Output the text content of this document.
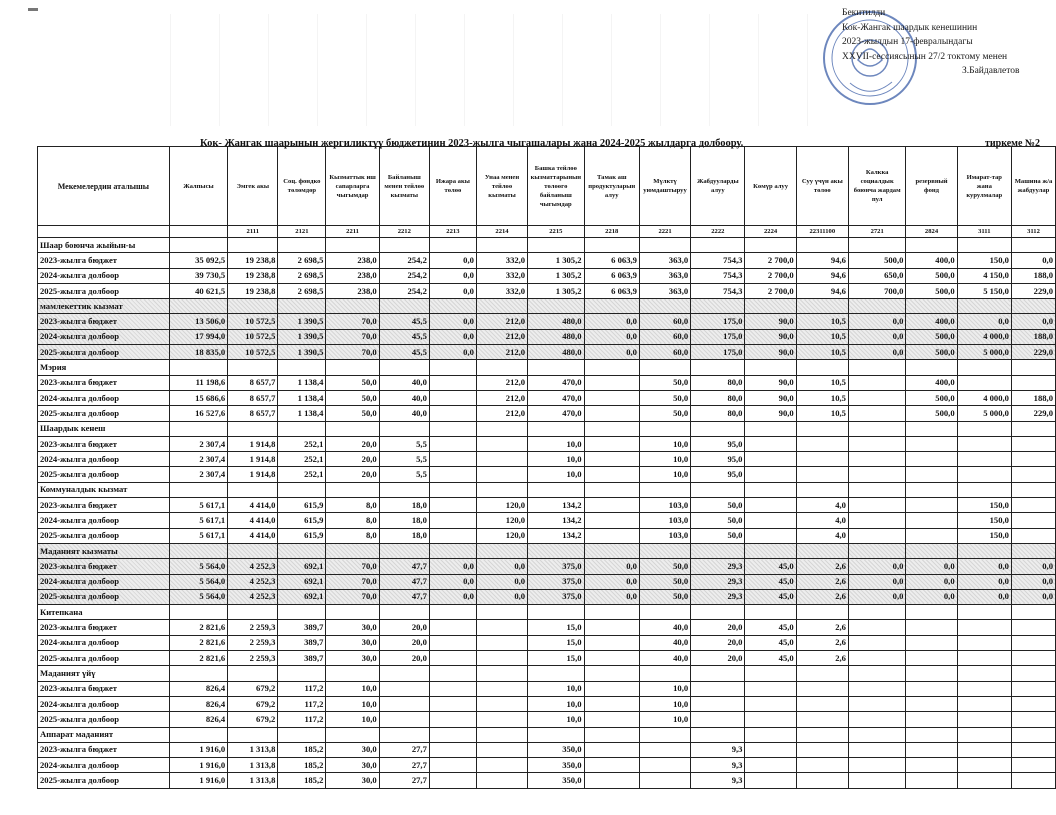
Бекитилди
Кок-Жангак шаардык кенешинин
2023-жылдын 17-февралындагы
XXVII-сессиясынын 27/2 токтому менен
З.Байдавлетов
Кок- Жангак шаарынын жергиликтүү бюджетинин 2023-жылга чыгашалары жана 2024-2025 жылдарга долбоору.	тиркеме №2
Мекемелердин аталышы	Жалпысы	Эмгек акы	Соц. фондко төлөмдөр	Кызматтык иш сапарларга чыгымдар	Байланыш менен тейлөө кызматы	Ижара акы төлөө	Унаа менен тейлөө кызматы	Башка тейлөө кызматтарынын төлөөгө байланыш чыгымдар	Тамак аш продуктуларын алуу	Мүлктү уюмдаштыруу	Жабдууларды алуу	Көмүр алуу	Суу үчүн акы төлөө	Калкка социалдык боюнча жардам пул	резервный фонд	Имарат-тар жана курулмалар	Машина ж/а жабдуулар
		2111	2121	2211	2212	2213	2214	2215	2218	2221	2222	2224	22311100	2721	2824	3111	3112
Шаар боюнча жыйын-ы																	
2023-жылга бюджет	35 092,5	19 238,8	2 698,5	238,0	254,2	0,0	332,0	1 305,2	6 063,9	363,0	754,3	2 700,0	94,6	500,0	400,0	150,0	0,0
2024-жылга долбоор	39 730,5	19 238,8	2 698,5	238,0	254,2	0,0	332,0	1 305,2	6 063,9	363,0	754,3	2 700,0	94,6	650,0	500,0	4 150,0	188,0
2025-жылга долбоор	40 621,5	19 238,8	2 698,5	238,0	254,2	0,0	332,0	1 305,2	6 063,9	363,0	754,3	2 700,0	94,6	700,0	500,0	5 150,0	229,0
мамлекеттик кызмат																	
2023-жылга бюджет	13 506,0	10 572,5	1 390,5	70,0	45,5	0,0	212,0	480,0	0,0	60,0	175,0	90,0	10,5	0,0	400,0	0,0	0,0
2024-жылга долбоор	17 994,0	10 572,5	1 390,5	70,0	45,5	0,0	212,0	480,0	0,0	60,0	175,0	90,0	10,5	0,0	500,0	4 000,0	188,0
2025-жылга долбоор	18 835,0	10 572,5	1 390,5	70,0	45,5	0,0	212,0	480,0	0,0	60,0	175,0	90,0	10,5	0,0	500,0	5 000,0	229,0
Мэрия																	
2023-жылга бюджет	11 198,6	8 657,7	1 138,4	50,0	40,0		212,0	470,0		50,0	80,0	90,0	10,5		400,0		
2024-жылга долбоор	15 686,6	8 657,7	1 138,4	50,0	40,0		212,0	470,0		50,0	80,0	90,0	10,5		500,0	4 000,0	188,0
2025-жылга долбоор	16 527,6	8 657,7	1 138,4	50,0	40,0		212,0	470,0		50,0	80,0	90,0	10,5		500,0	5 000,0	229,0
Шаардык кенеш																	
2023-жылга бюджет	2 307,4	1 914,8	252,1	20,0	5,5			10,0		10,0	95,0						
2024-жылга долбоор	2 307,4	1 914,8	252,1	20,0	5,5			10,0		10,0	95,0						
2025-жылга долбоор	2 307,4	1 914,8	252,1	20,0	5,5			10,0		10,0	95,0						
Коммуналдык кызмат																	
2023-жылга бюджет	5 617,1	4 414,0	615,9	8,0	18,0		120,0	134,2		103,0	50,0		4,0			150,0	
2024-жылга долбоор	5 617,1	4 414,0	615,9	8,0	18,0		120,0	134,2		103,0	50,0		4,0			150,0	
2025-жылга долбоор	5 617,1	4 414,0	615,9	8,0	18,0		120,0	134,2		103,0	50,0		4,0			150,0	
Маданият кызматы																	
2023-жылга бюджет	5 564,0	4 252,3	692,1	70,0	47,7	0,0	0,0	375,0	0,0	50,0	29,3	45,0	2,6	0,0	0,0	0,0	0,0
2024-жылга долбоор	5 564,0	4 252,3	692,1	70,0	47,7	0,0	0,0	375,0	0,0	50,0	29,3	45,0	2,6	0,0	0,0	0,0	0,0
2025-жылга долбоор	5 564,0	4 252,3	692,1	70,0	47,7	0,0	0,0	375,0	0,0	50,0	29,3	45,0	2,6	0,0	0,0	0,0	0,0
Китепкана																	
2023-жылга бюджет	2 821,6	2 259,3	389,7	30,0	20,0			15,0		40,0	20,0	45,0	2,6				
2024-жылга долбоор	2 821,6	2 259,3	389,7	30,0	20,0			15,0		40,0	20,0	45,0	2,6				
2025-жылга долбоор	2 821,6	2 259,3	389,7	30,0	20,0			15,0		40,0	20,0	45,0	2,6				
Маданият үйү																	
2023-жылга бюджет	826,4	679,2	117,2	10,0				10,0		10,0							
2024-жылга долбоор	826,4	679,2	117,2	10,0				10,0		10,0							
2025-жылга долбоор	826,4	679,2	117,2	10,0				10,0		10,0							
Аппарат маданият																	
2023-жылга бюджет	1 916,0	1 313,8	185,2	30,0	27,7			350,0			9,3						
2024-жылга долбоор	1 916,0	1 313,8	185,2	30,0	27,7			350,0			9,3						
2025-жылга долбоор	1 916,0	1 313,8	185,2	30,0	27,7			350,0			9,3						
